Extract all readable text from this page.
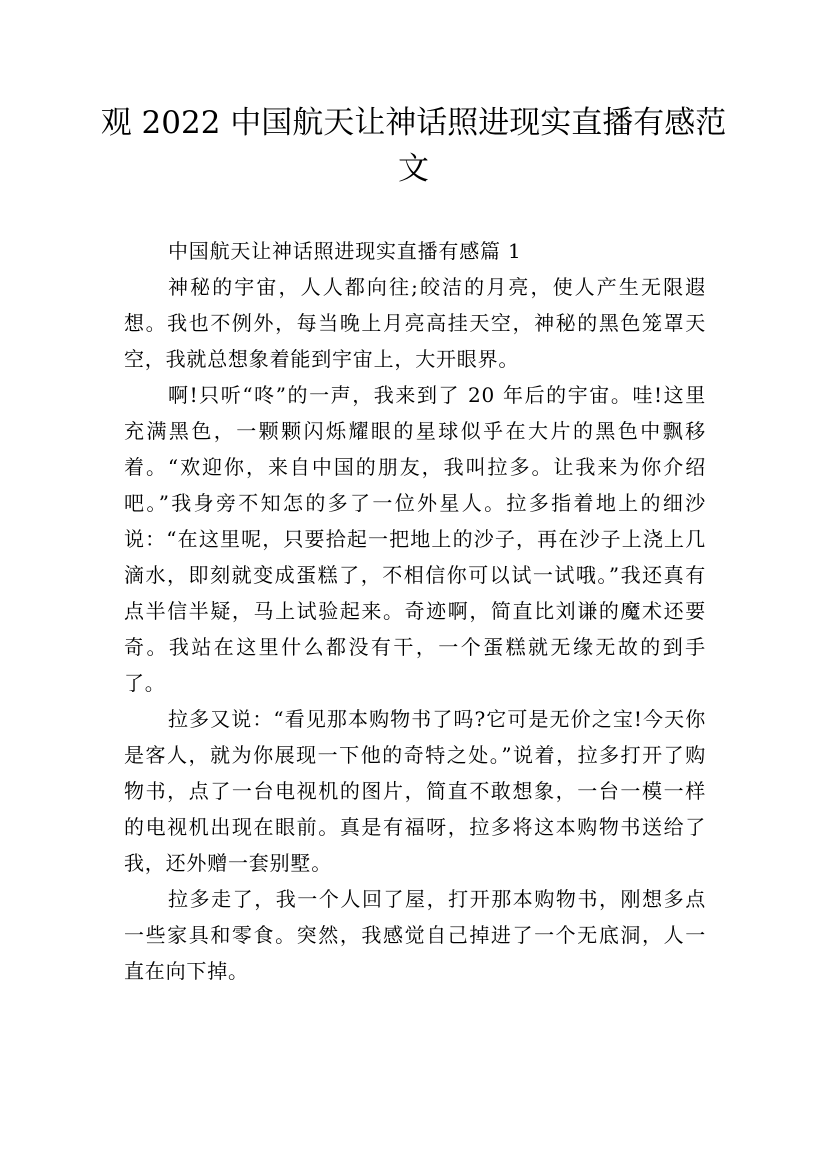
观 2022 中国航天让神话照进现实直播有感范文

中国航天让神话照进现实直播有感篇 1

神秘的宇宙，人人都向往;皎洁的月亮，使人产生无限遐想。我也不例外，每当晚上月亮高挂天空，神秘的黑色笼罩天空，我就总想象着能到宇宙上，大开眼界。

啊!只听“咚”的一声，我来到了 20 年后的宇宙。哇!这里充满黑色，一颗颗闪烁耀眼的星球似乎在大片的黑色中飘移着。“欢迎你，来自中国的朋友，我叫拉多。让我来为你介绍吧。”我身旁不知怎的多了一位外星人。拉多指着地上的细沙说：“在这里呢，只要拾起一把地上的沙子，再在沙子上浇上几滴水，即刻就变成蛋糕了，不相信你可以试一试哦。”我还真有点半信半疑，马上试验起来。奇迹啊，简直比刘谦的魔术还要奇。我站在这里什么都没有干，一个蛋糕就无缘无故的到手了。

拉多又说：“看见那本购物书了吗?它可是无价之宝!今天你是客人，就为你展现一下他的奇特之处。”说着，拉多打开了购物书，点了一台电视机的图片，简直不敢想象，一台一模一样的电视机出现在眼前。真是有福呀，拉多将这本购物书送给了我，还外赠一套别墅。

拉多走了，我一个人回了屋，打开那本购物书，刚想多点一些家具和零食。突然，我感觉自己掉进了一个无底洞，人一直在向下掉。
